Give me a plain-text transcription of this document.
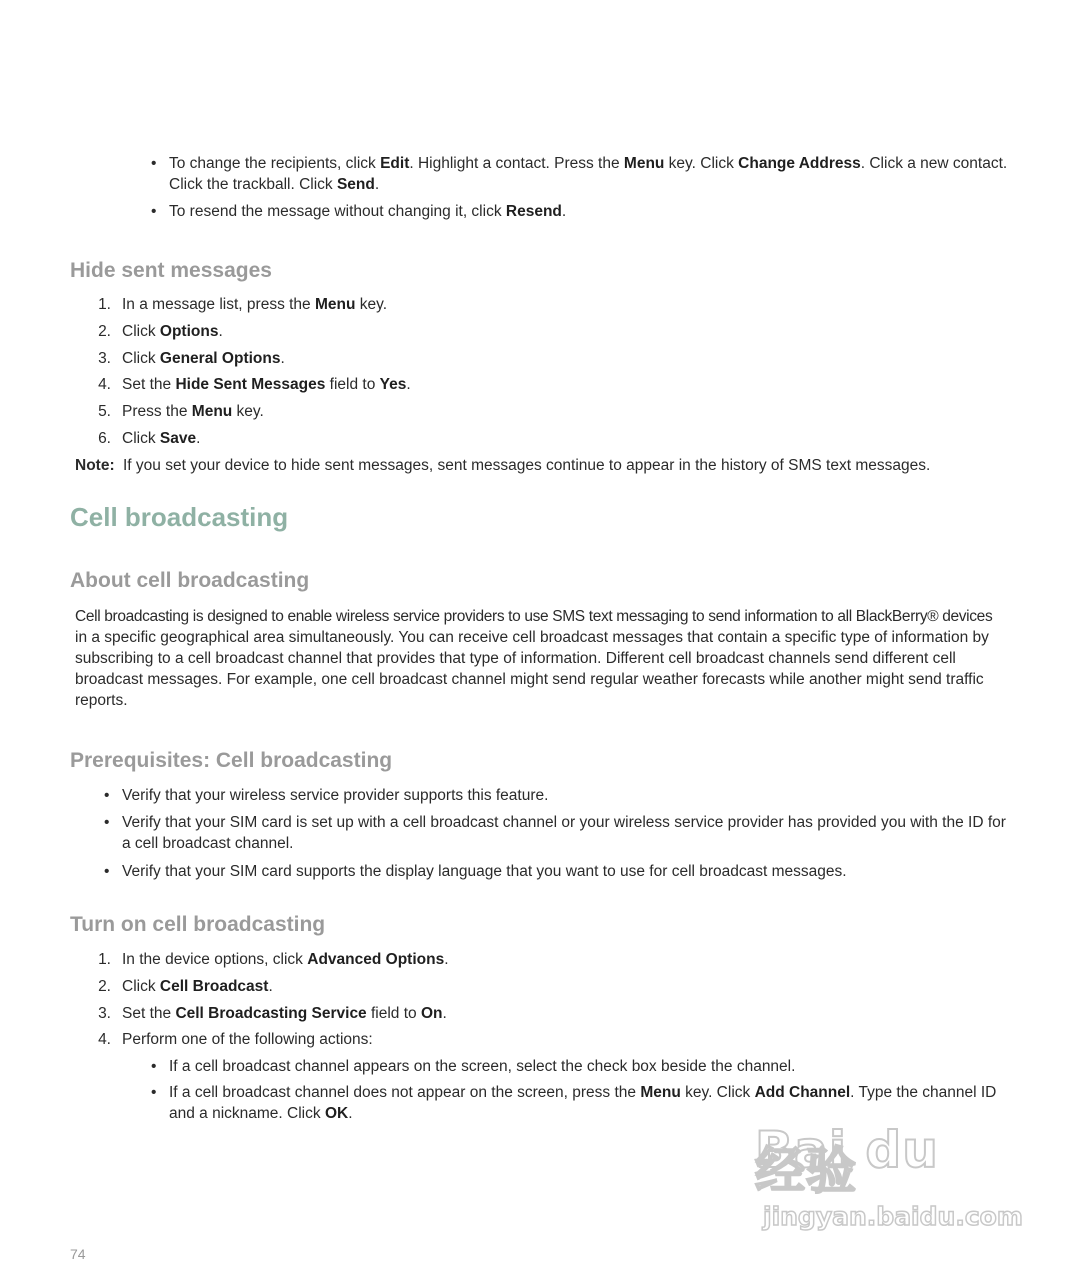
• To change the recipients, click Edit. Highlight a contact. Press the Menu key. Click Change Address. Click a new contact.
Click the trackball. Click Send.
• To resend the message without changing it, click Resend.
Hide sent messages
1. In a message list, press the Menu key.
2. Click Options.
3. Click General Options.
4. Set the Hide Sent Messages field to Yes.
5. Press the Menu key.
6. Click Save.
Note: If you set your device to hide sent messages, sent messages continue to appear in the history of SMS text messages.
Cell broadcasting
About cell broadcasting
Cell broadcasting is designed to enable wireless service providers to use SMS text messaging to send information to all BlackBerry® devices
in a specific geographical area simultaneously. You can receive cell broadcast messages that contain a specific type of information by
subscribing to a cell broadcast channel that provides that type of information. Different cell broadcast channels send different cell
broadcast messages. For example, one cell broadcast channel might send regular weather forecasts while another might send traffic
reports.
Prerequisites: Cell broadcasting
• Verify that your wireless service provider supports this feature.
• Verify that your SIM card is set up with a cell broadcast channel or your wireless service provider has provided you with the ID for
a cell broadcast channel.
• Verify that your SIM card supports the display language that you want to use for cell broadcast messages.
Turn on cell broadcasting
1. In the device options, click Advanced Options.
2. Click Cell Broadcast.
3. Set the Cell Broadcasting Service field to On.
4. Perform one of the following actions:
• If a cell broadcast channel appears on the screen, select the check box beside the channel.
• If a cell broadcast channel does not appear on the screen, press the Menu key. Click Add Channel. Type the channel ID
and a nickname. Click OK.
Bai du 经验
jingyan.baidu.com
74
